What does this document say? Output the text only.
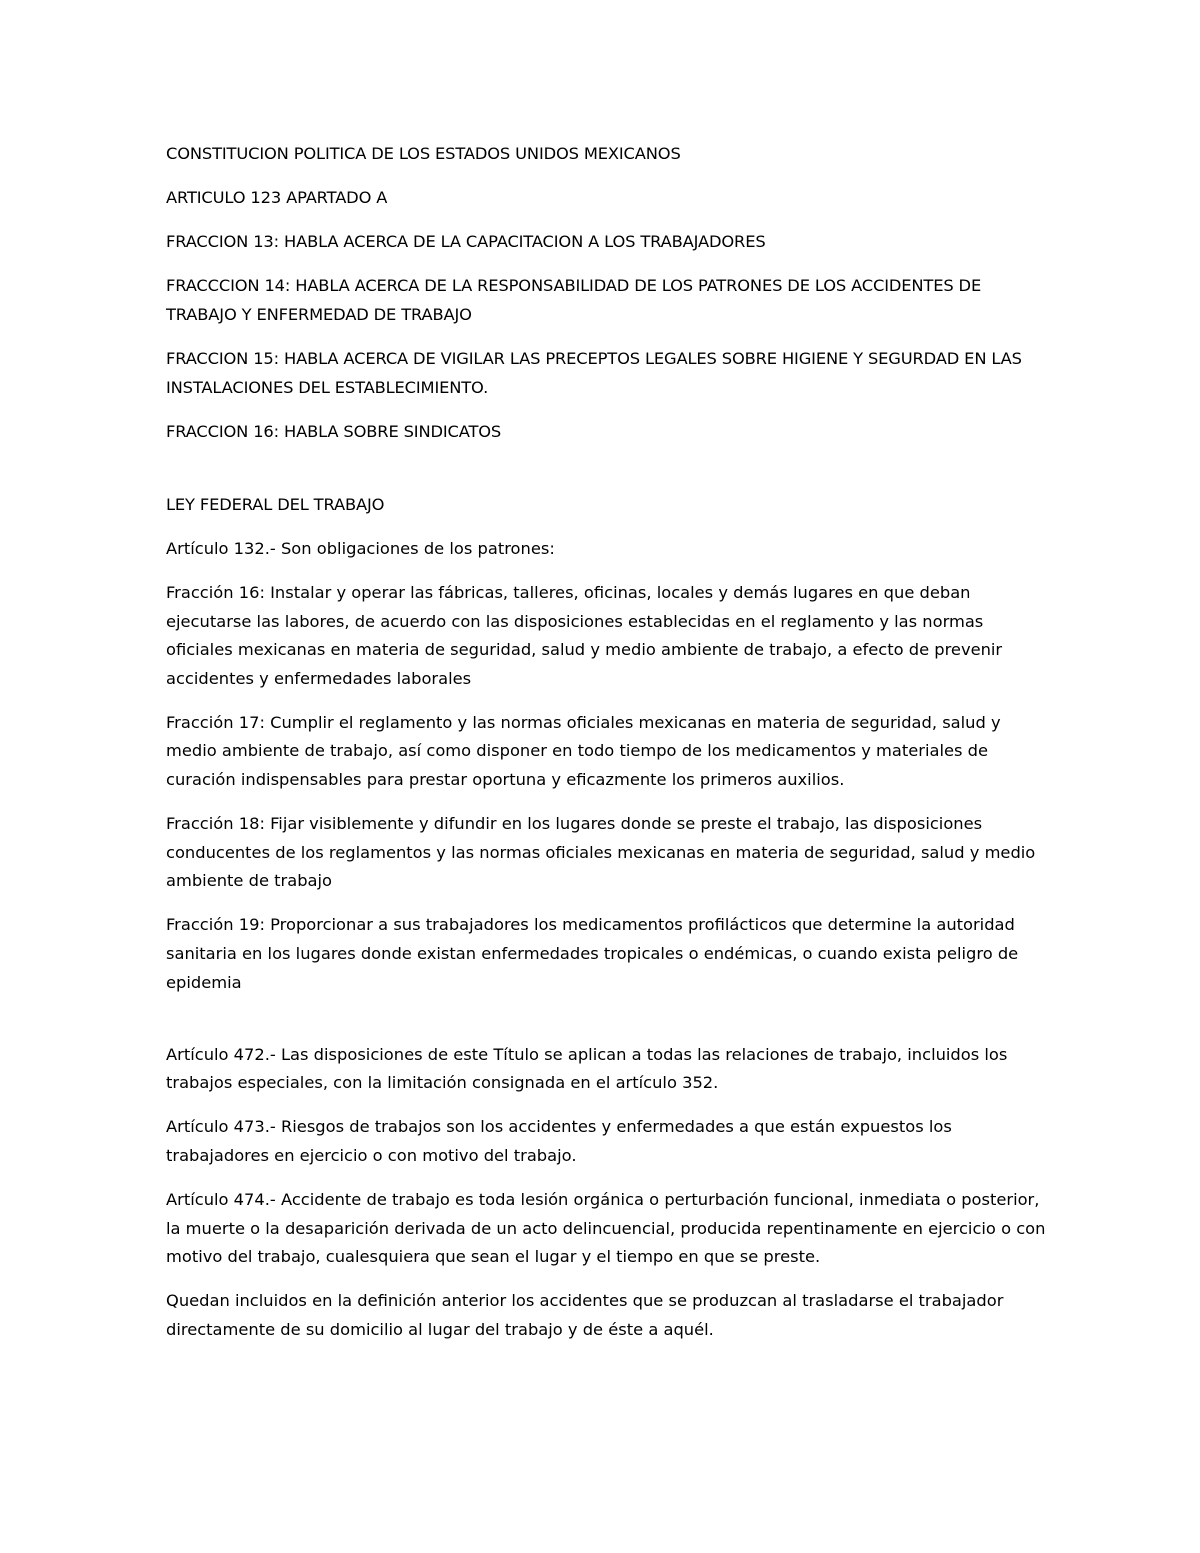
CONSTITUCION POLITICA DE LOS ESTADOS UNIDOS MEXICANOS

ARTICULO 123 APARTADO A

FRACCION 13: HABLA ACERCA DE LA CAPACITACION A LOS TRABAJADORES

FRACCCION 14: HABLA ACERCA DE LA RESPONSABILIDAD DE LOS PATRONES DE LOS ACCIDENTES DE TRABAJO Y ENFERMEDAD DE TRABAJO

FRACCION 15: HABLA ACERCA DE VIGILAR LAS PRECEPTOS LEGALES SOBRE HIGIENE Y SEGURDAD EN LAS INSTALACIONES DEL ESTABLECIMIENTO.

FRACCION 16: HABLA SOBRE SINDICATOS

LEY FEDERAL DEL TRABAJO

Artículo 132.- Son obligaciones de los patrones:

Fracción 16: Instalar y operar las fábricas, talleres, oficinas, locales y demás lugares en que deban ejecutarse las labores, de acuerdo con las disposiciones establecidas en el reglamento y las normas oficiales mexicanas en materia de seguridad, salud y medio ambiente de trabajo, a efecto de prevenir accidentes y enfermedades laborales

Fracción 17: Cumplir el reglamento y las normas oficiales mexicanas en materia de seguridad, salud y medio ambiente de trabajo, así como disponer en todo tiempo de los medicamentos y materiales de curación indispensables para prestar oportuna y eficazmente los primeros auxilios.

Fracción 18: Fijar visiblemente y difundir en los lugares donde se preste el trabajo, las disposiciones conducentes de los reglamentos y las normas oficiales mexicanas en materia de seguridad, salud y medio ambiente de trabajo

Fracción 19: Proporcionar a sus trabajadores los medicamentos profilácticos que determine la autoridad sanitaria en los lugares donde existan enfermedades tropicales o endémicas, o cuando exista peligro de epidemia

Artículo 472.- Las disposiciones de este Título se aplican a todas las relaciones de trabajo, incluidos los trabajos especiales, con la limitación consignada en el artículo 352.

Artículo 473.- Riesgos de trabajos son los accidentes y enfermedades a que están expuestos los trabajadores en ejercicio o con motivo del trabajo.

Artículo 474.- Accidente de trabajo es toda lesión orgánica o perturbación funcional, inmediata o posterior, la muerte o la desaparición derivada de un acto delincuencial, producida repentinamente en ejercicio o con motivo del trabajo, cualesquiera que sean el lugar y el tiempo en que se preste.

Quedan incluidos en la definición anterior los accidentes que se produzcan al trasladarse el trabajador directamente de su domicilio al lugar del trabajo y de éste a aquél.
